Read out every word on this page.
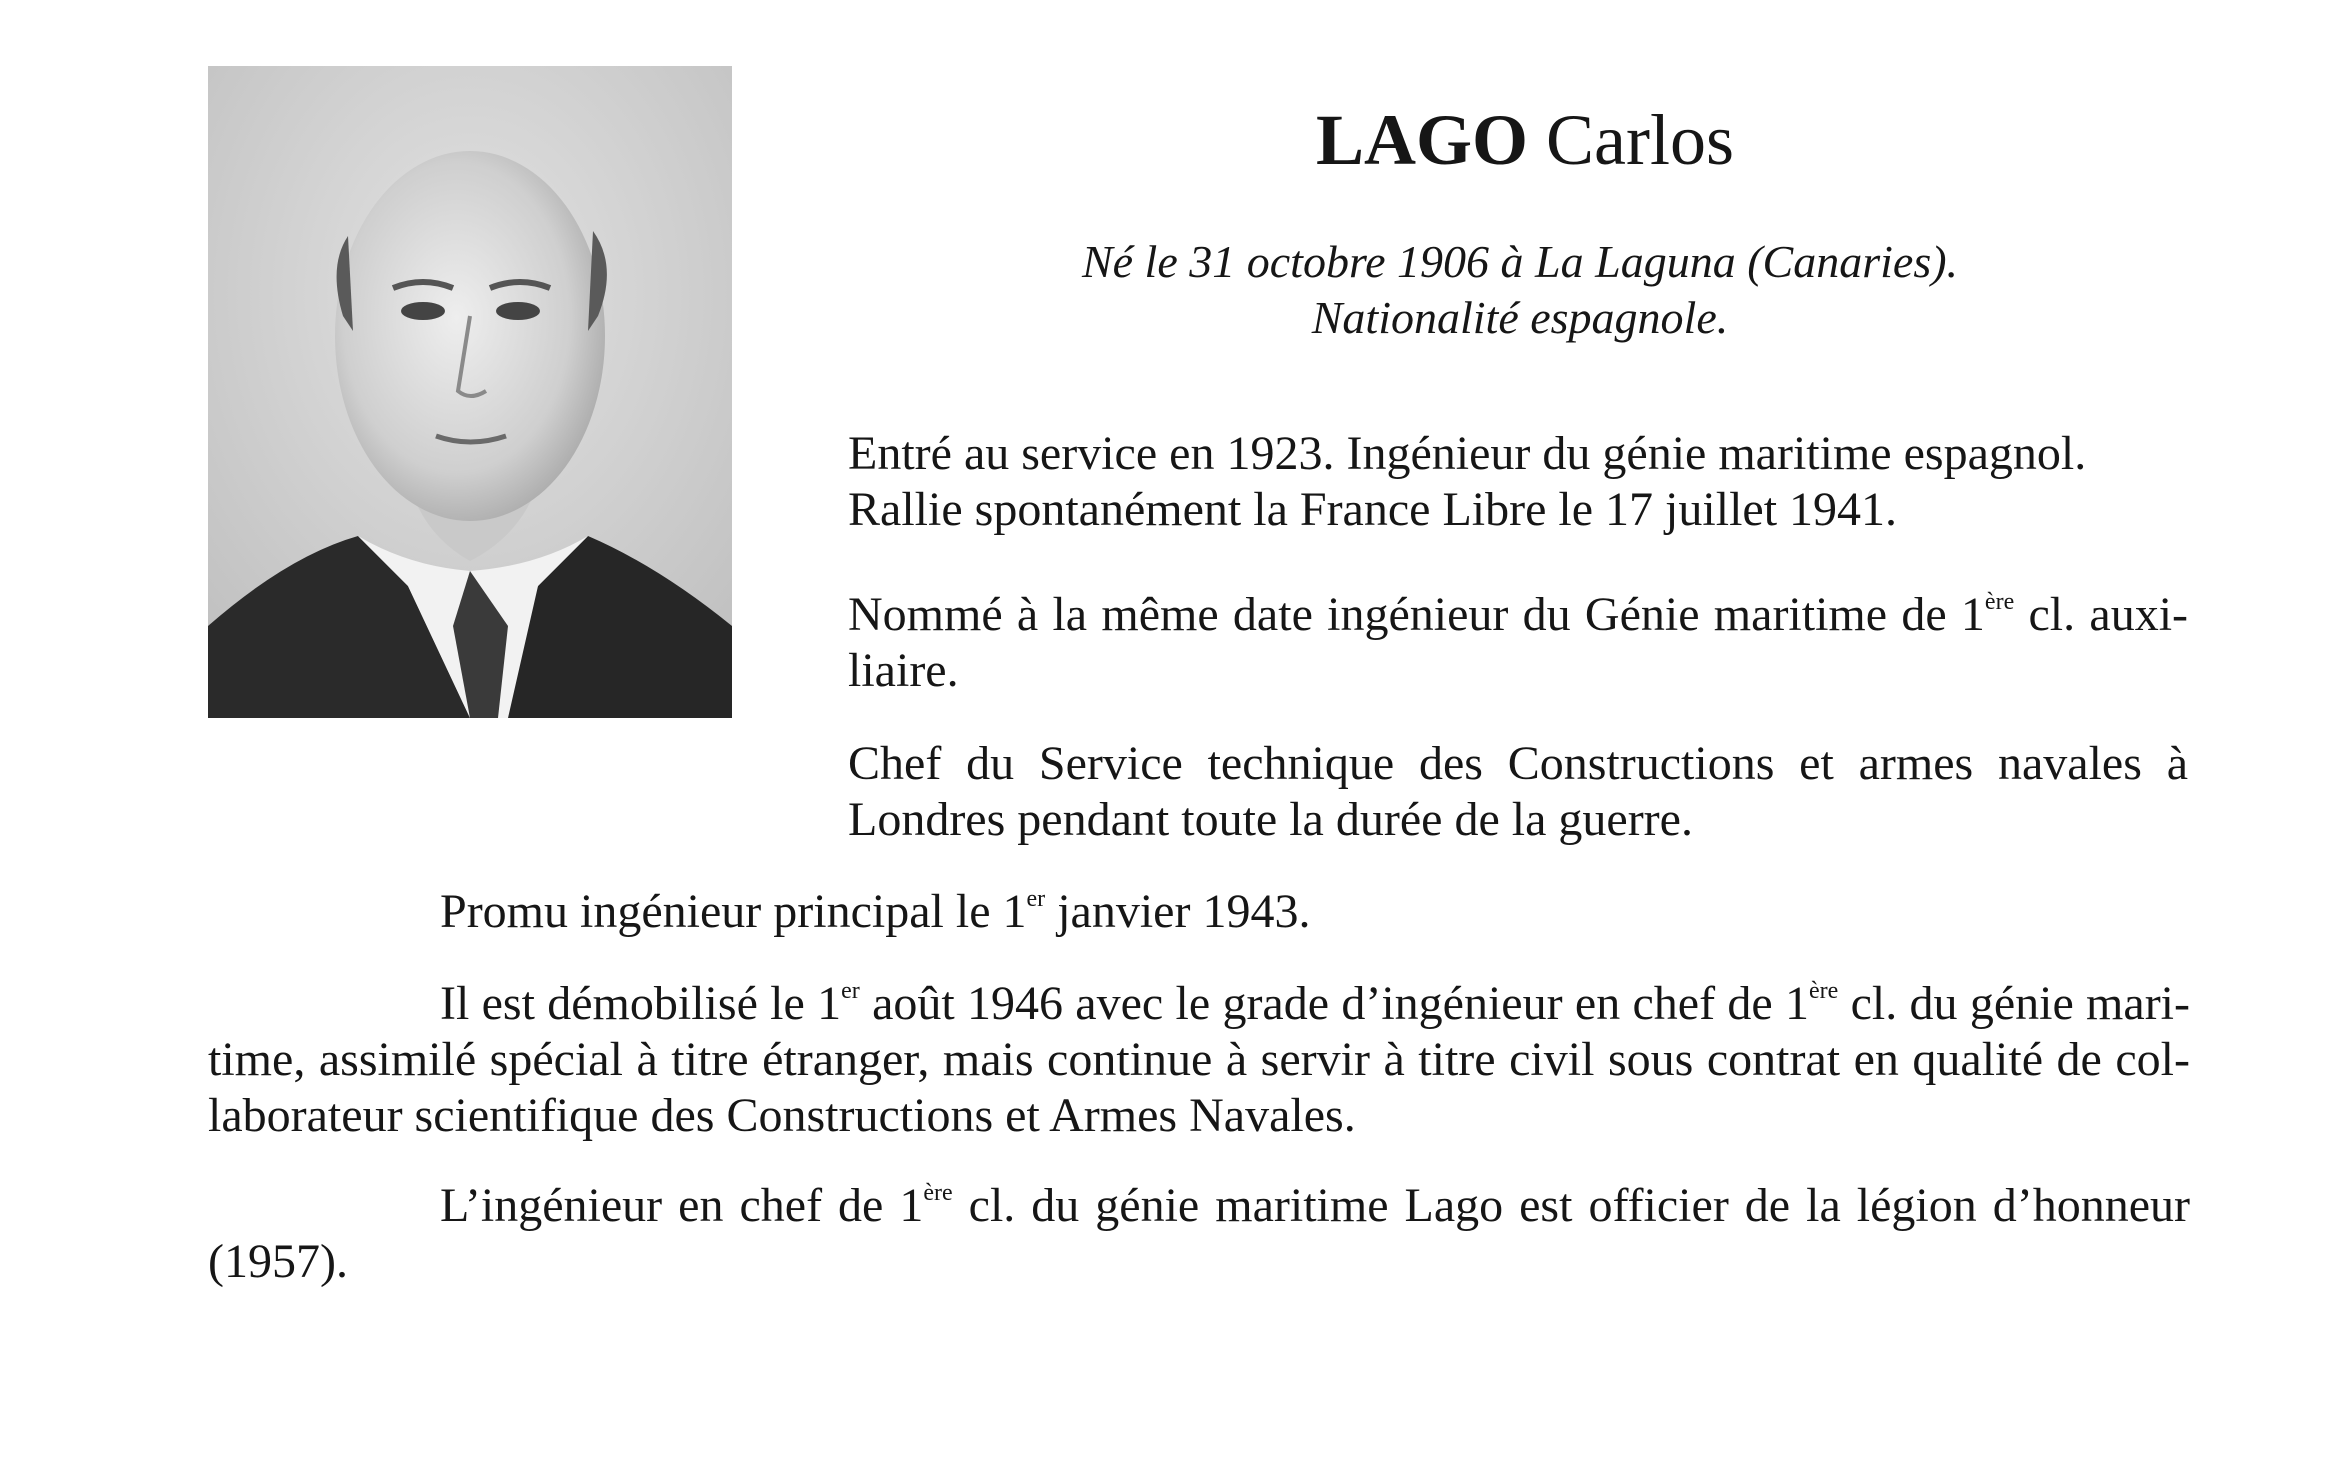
LAGO Carlos
Né le 31 octobre 1906 à La Laguna (Canaries).
Nationalité espagnole.

Entré au service en 1923. Ingénieur du génie maritime espagnol.
Rallie spontanément la France Libre le 17 juillet 1941.

Nommé à la même date ingénieur du Génie maritime de 1ère cl. auxi-
liaire.

Chef du Service technique des Constructions et armes navales à
Londres pendant toute la durée de la guerre.

Promu ingénieur principal le 1er janvier 1943.

Il est démobilisé le 1er août 1946 avec le grade d’ingénieur en chef de 1ère cl. du génie mari-
time, assimilé spécial à titre étranger, mais continue à servir à titre civil sous contrat en qualité de col-
laborateur scientifique des Constructions et Armes Navales.

L’ingénieur en chef de 1ère cl. du génie maritime Lago est officier de la légion d’honneur
(1957).
